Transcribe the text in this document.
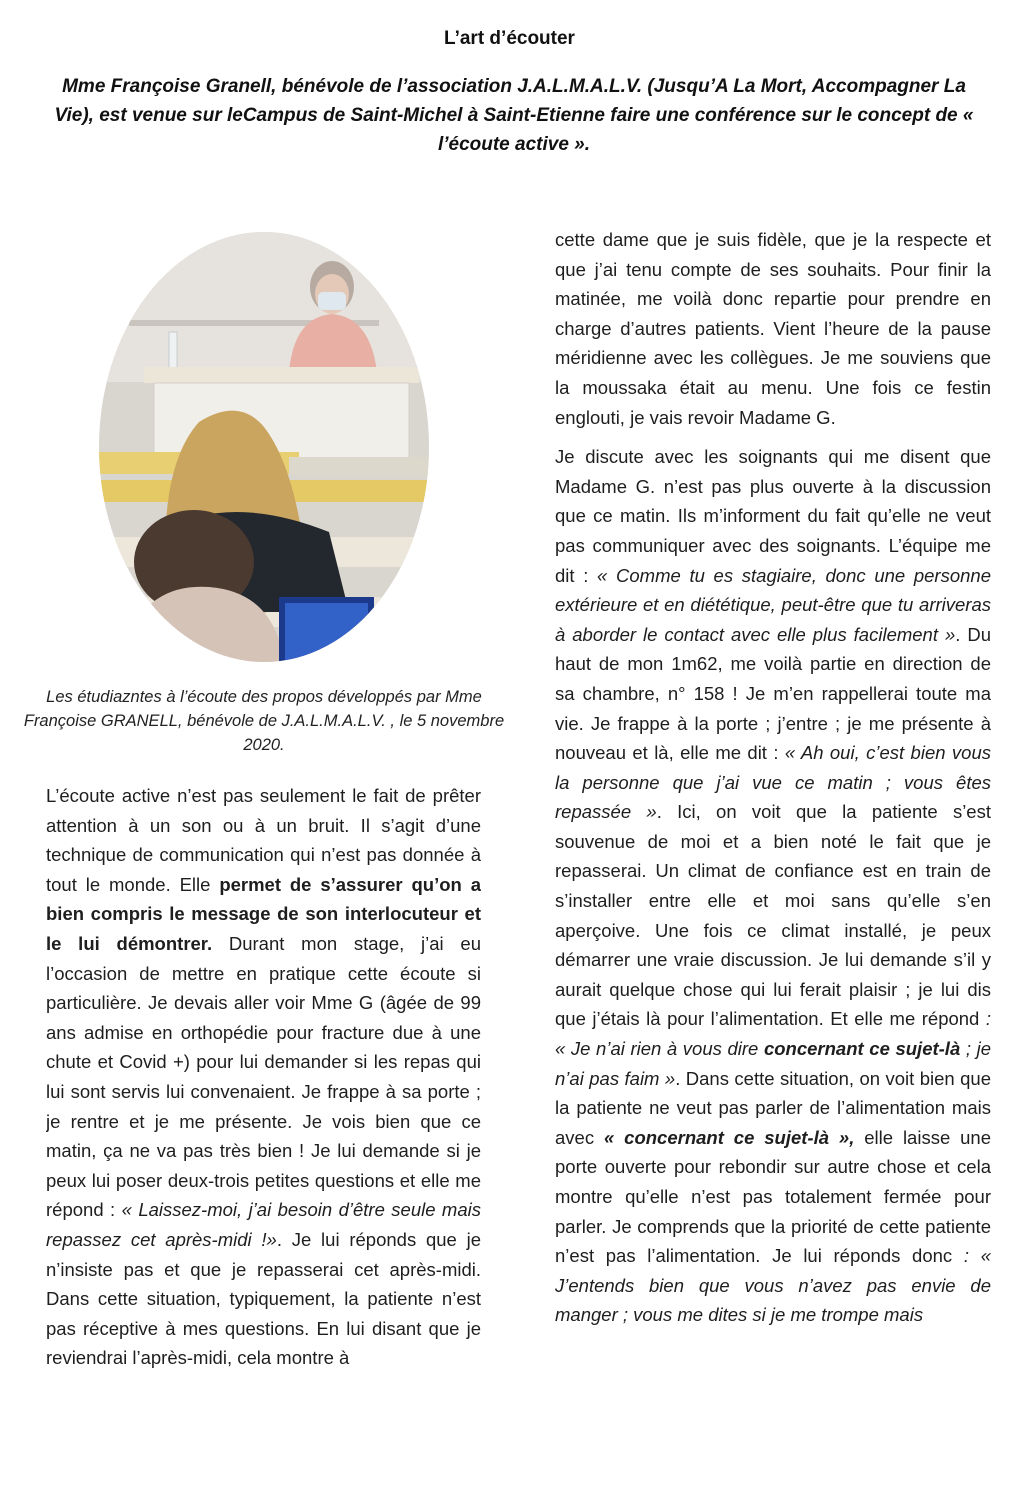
L’art d’écouter
Mme Françoise Granell, bénévole de l’association J.A.L.M.A.L.V. (Jusqu’A La Mort, Accompagner La Vie), est venue sur leCampus de Saint-Michel à Saint-Etienne faire une conférence sur le concept de « l’écoute active ».
Les étudiazntes à l’écoute des propos développés par Mme Françoise GRANELL, bénévole de J.A.L.M.A.L.V. , le 5 novembre 2020.

L’écoute active n’est pas seulement le fait de prêter attention à un son ou à un bruit. Il s’agit d’une technique de communication qui n’est pas donnée à tout le monde. Elle permet de s’assurer qu’on a bien compris le message de son interlocuteur et le lui démontrer. Durant mon stage, j’ai eu l’occasion de mettre en pratique cette écoute si particulière. Je devais aller voir Mme G (âgée de 99 ans admise en orthopédie pour fracture due à une chute et Covid +) pour lui demander si les repas qui lui sont servis lui convenaient. Je frappe à sa porte ; je rentre et je me présente. Je vois bien que ce matin, ça ne va pas très bien ! Je lui demande si je peux lui poser deux-trois petites questions et elle me répond : « Laissez-moi, j’ai besoin d’être seule mais repassez cet après-midi !». Je lui réponds que je n’insiste pas et que je repasserai cet après-midi. Dans cette situation, typiquement, la patiente n’est pas réceptive à mes questions. En lui disant que je reviendrai l’après-midi, cela montre à

cette dame que je suis fidèle, que je la respecte et que j’ai tenu compte de ses souhaits. Pour finir la matinée, me voilà donc repartie pour prendre en charge d’autres patients. Vient l’heure de la pause méridienne avec les collègues. Je me souviens que la moussaka était au menu. Une fois ce festin englouti, je vais revoir Madame G.

Je discute avec les soignants qui me disent que Madame G. n’est pas plus ouverte à la discussion que ce matin. Ils m’informent du fait qu’elle ne veut pas communiquer avec des soignants. L’équipe me dit : « Comme tu es stagiaire, donc une personne extérieure et en diététique, peut-être que tu arriveras à aborder le contact avec elle plus facilement ». Du haut de mon 1m62, me voilà partie en direction de sa chambre, n° 158 ! Je m’en rappellerai toute ma vie. Je frappe à la porte ; j’entre ; je me présente à nouveau et là, elle me dit : « Ah oui, c’est bien vous la personne que j’ai vue ce matin ; vous êtes repassée ». Ici, on voit que la patiente s’est souvenue de moi et a bien noté le fait que je repasserai. Un climat de confiance est en train de s’installer entre elle et moi sans qu’elle s’en aperçoive. Une fois ce climat installé, je peux démarrer une vraie discussion. Je lui demande s’il y aurait quelque chose qui lui ferait plaisir ; je lui dis que j’étais là pour l’alimentation. Et elle me répond : « Je n’ai rien à vous dire concernant ce sujet-là ; je n’ai pas faim ». Dans cette situation, on voit bien que la patiente ne veut pas parler de l’alimentation mais avec « concernant ce sujet-là », elle laisse une porte ouverte pour rebondir sur autre chose et cela montre qu’elle n’est pas totalement fermée pour parler. Je comprends que la priorité de cette patiente n’est pas l’alimentation. Je lui réponds donc : « J’entends bien que vous n’avez pas envie de manger ; vous me dites si je me trompe mais
